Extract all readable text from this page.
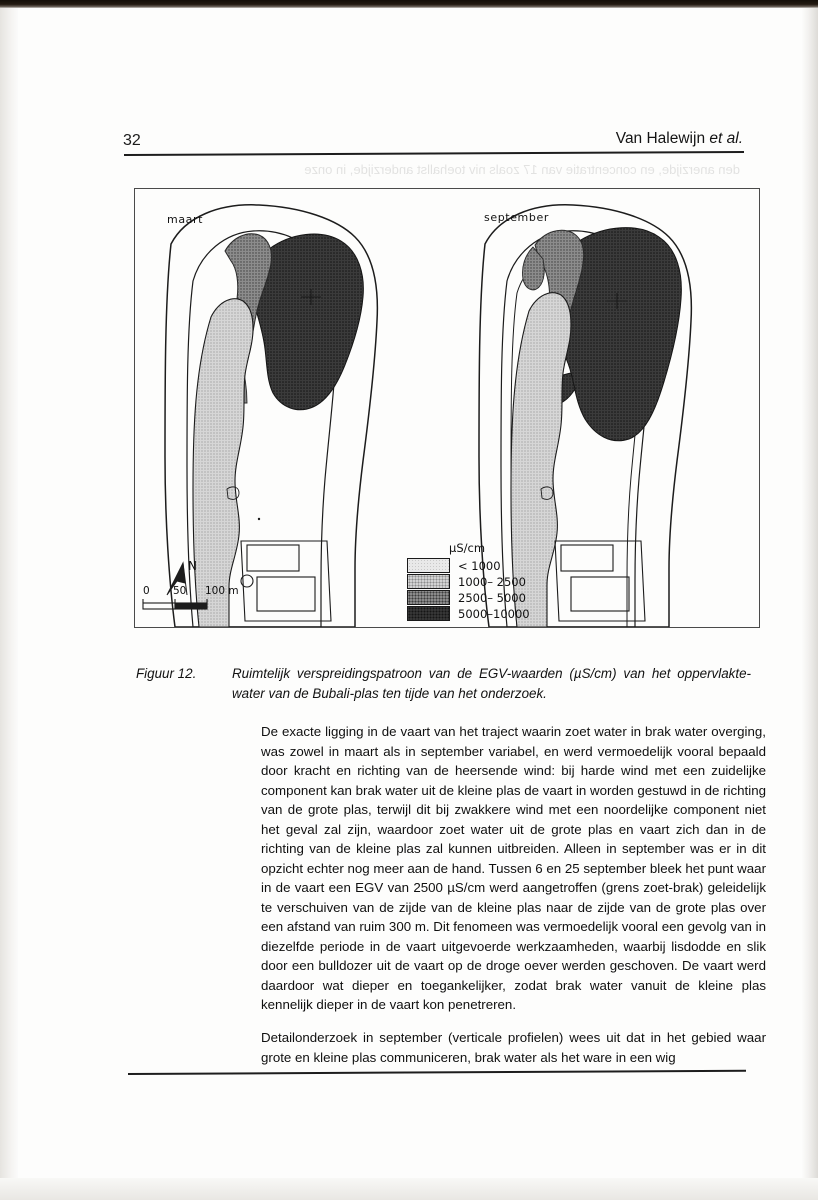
den anerzijde, en concentratie van 17 zoals niv toehallst anderzijde, in onze
32	Van Halewijn et al.
maart	september
µS/cm
< 1000
1000– 2500
2500– 5000
5000–10000
N
0 50 100 m
Figuur 12.	Ruimtelijk verspreidingspatroon van de EGV-waarden (µS/cm) van het oppervlakte-water van de Bubali-plas ten tijde van het onderzoek.

De exacte ligging in de vaart van het traject waarin zoet water in brak water overging, was zowel in maart als in september variabel, en werd vermoedelijk vooral bepaald door kracht en richting van de heersende wind: bij harde wind met een zuidelijke component kan brak water uit de kleine plas de vaart in worden gestuwd in de richting van de grote plas, terwijl dit bij zwakkere wind met een noordelijke component niet het geval zal zijn, waardoor zoet water uit de grote plas en vaart zich dan in de richting van de kleine plas zal kunnen uitbreiden. Alleen in september was er in dit opzicht echter nog meer aan de hand. Tussen 6 en 25 september bleek het punt waar in de vaart een EGV van 2500 µS/cm werd aangetroffen (grens zoet-brak) geleidelijk te verschuiven van de zijde van de kleine plas naar de zijde van de grote plas over een afstand van ruim 300 m. Dit fenomeen was vermoedelijk vooral een gevolg van in diezelfde periode in de vaart uitgevoerde werkzaamheden, waarbij lisdodde en slik door een bulldozer uit de vaart op de droge oever werden geschoven. De vaart werd daardoor wat dieper en toegankelijker, zodat brak water vanuit de kleine plas kennelijk dieper in de vaart kon penetreren.

Detailonderzoek in september (verticale profielen) wees uit dat in het gebied waar grote en kleine plas communiceren, brak water als het ware in een wig
